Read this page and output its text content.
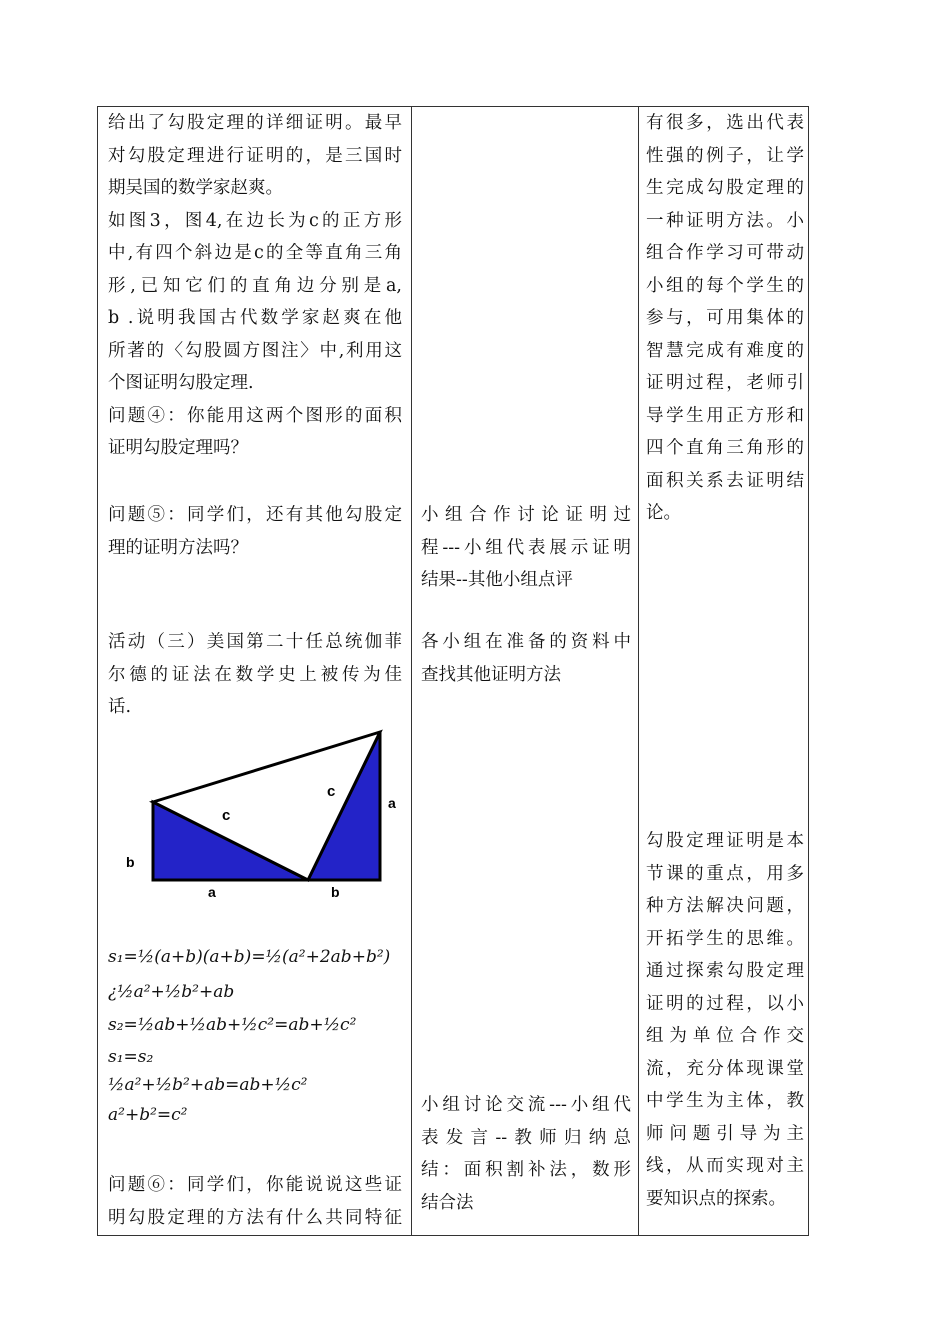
给出了勾股定理的详细证明。最早
对勾股定理进行证明的，是三国时
期吴国的数学家赵爽。
如图3，图4,在边长为c的正方形
中,有四个斜边是c的全等直角三角
形,已知它们的直角边分别是a,
b .说明我国古代数学家赵爽在他
所著的〈勾股圆方图注〉中,利用这
个图证明勾股定理.
问题④：你能用这两个图形的面积
证明勾股定理吗？
问题⑤：同学们，还有其他勾股定
理的证明方法吗？
活动（三）美国第二十任总统伽菲
尔德的证法在数学史上被传为佳
话.
c
c
a
b
a	b
s₁=½(a+b)(a+b)=½(a²+2ab+b²)
¿½a²+½b²+ab
s₂=½ab+½ab+½c²=ab+½c²
s₁=s₂
½a²+½b²+ab=ab+½c²
a²+b²=c²
问题⑥：同学们，你能说说这些证
明勾股定理的方法有什么共同特征
小组合作讨论证明过
程---小组代表展示证明
结果--其他小组点评
各小组在准备的资料中
查找其他证明方法
小组讨论交流---小组代
表发言--教师归纳总
结：面积割补法，数形
结合法
有很多，选出代表
性强的例子，让学
生完成勾股定理的
一种证明方法。小
组合作学习可带动
小组的每个学生的
参与，可用集体的
智慧完成有难度的
证明过程，老师引
导学生用正方形和
四个直角三角形的
面积关系去证明结
论。
勾股定理证明是本
节课的重点，用多
种方法解决问题，
开拓学生的思维。
通过探索勾股定理
证明的过程，以小
组为单位合作交
流，充分体现课堂
中学生为主体，教
师问题引导为主
线，从而实现对主
要知识点的探索。
